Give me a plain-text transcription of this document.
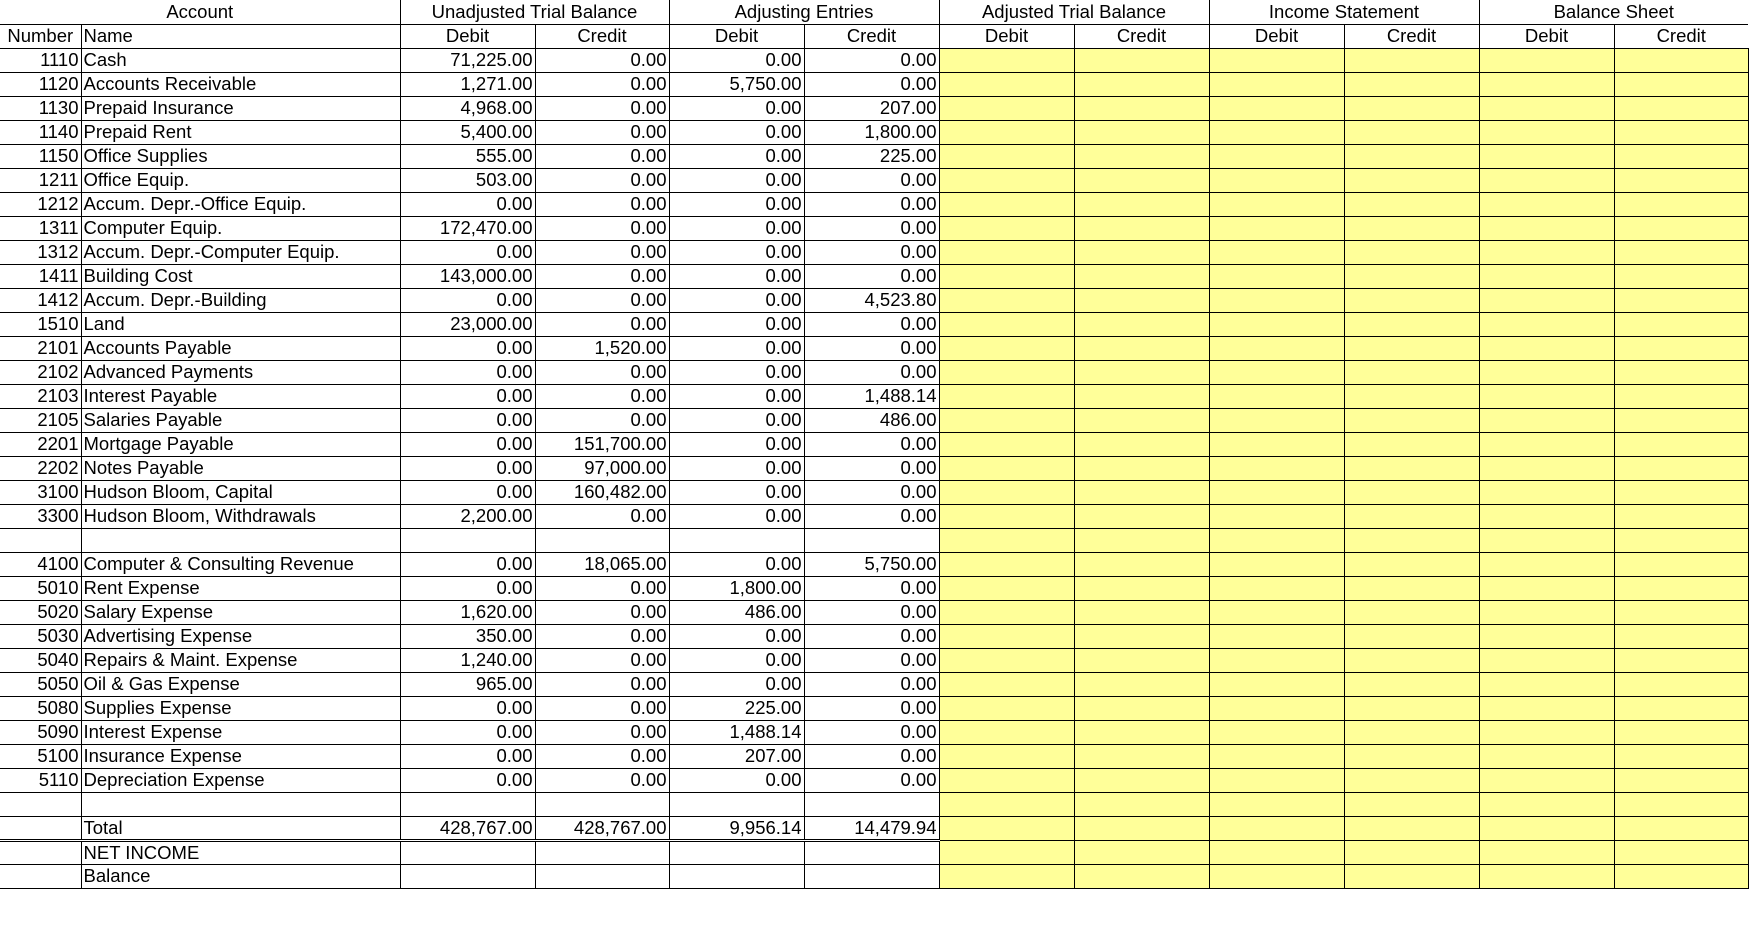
Account		Unadjusted Trial Balance		Adjusting Entries		Adjusted Trial Balance		Income Statement		Balance Sheet	
Number	Name	Debit	Credit	Debit	Credit	Debit	Credit	Debit	Credit	Debit	Credit
1110	Cash	71,225.00	0.00	0.00	0.00						
1120	Accounts Receivable	1,271.00	0.00	5,750.00	0.00						
1130	Prepaid Insurance	4,968.00	0.00	0.00	207.00						
1140	Prepaid Rent	5,400.00	0.00	0.00	1,800.00						
1150	Office Supplies	555.00	0.00	0.00	225.00						
1211	Office Equip.	503.00	0.00	0.00	0.00						
1212	Accum. Depr.-Office Equip.	0.00	0.00	0.00	0.00						
1311	Computer Equip.	172,470.00	0.00	0.00	0.00						
1312	Accum. Depr.-Computer Equip.	0.00	0.00	0.00	0.00						
1411	Building Cost	143,000.00	0.00	0.00	0.00						
1412	Accum. Depr.-Building	0.00	0.00	0.00	4,523.80						
1510	Land	23,000.00	0.00	0.00	0.00						
2101	Accounts Payable	0.00	1,520.00	0.00	0.00						
2102	Advanced Payments	0.00	0.00	0.00	0.00						
2103	Interest Payable	0.00	0.00	0.00	1,488.14						
2105	Salaries Payable	0.00	0.00	0.00	486.00						
2201	Mortgage Payable	0.00	151,700.00	0.00	0.00						
2202	Notes Payable	0.00	97,000.00	0.00	0.00						
3100	Hudson Bloom, Capital	0.00	160,482.00	0.00	0.00						
3300	Hudson Bloom, Withdrawals	2,200.00	0.00	0.00	0.00						

4100	Computer & Consulting Revenue	0.00	18,065.00	0.00	5,750.00						
5010	Rent Expense	0.00	0.00	1,800.00	0.00						
5020	Salary Expense	1,620.00	0.00	486.00	0.00						
5030	Advertising Expense	350.00	0.00	0.00	0.00						
5040	Repairs & Maint. Expense	1,240.00	0.00	0.00	0.00						
5050	Oil & Gas Expense	965.00	0.00	0.00	0.00						
5080	Supplies Expense	0.00	0.00	225.00	0.00						
5090	Interest Expense	0.00	0.00	1,488.14	0.00						
5100	Insurance Expense	0.00	0.00	207.00	0.00						
5110	Depreciation Expense	0.00	0.00	0.00	0.00						

	Total	428,767.00	428,767.00	9,956.14	14,479.94						
	NET INCOME										
	Balance										
